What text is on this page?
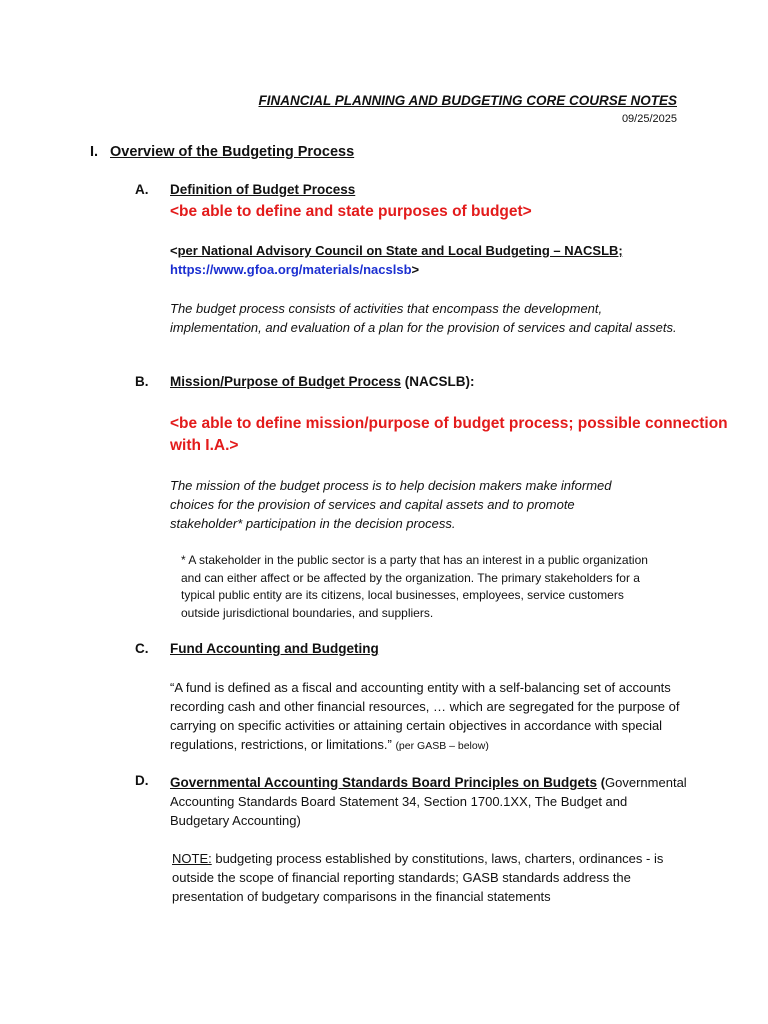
FINANCIAL PLANNING AND BUDGETING CORE COURSE NOTES
09/25/2025
I. Overview of the Budgeting Process
A. Definition of Budget Process
<be able to define and state purposes of budget>
<per National Advisory Council on State and Local Budgeting – NACSLB;
https://www.gfoa.org/materials/nacslsb>
The budget process consists of activities that encompass the development, implementation, and evaluation of a plan for the provision of services and capital assets.
B. Mission/Purpose of Budget Process (NACSLB):
<be able to define mission/purpose of budget process; possible connection
with I.A.>
The mission of the budget process is to help decision makers make informed choices for the provision of services and capital assets and to promote stakeholder* participation in the decision process.
* A stakeholder in the public sector is a party that has an interest in a public organization and can either affect or be affected by the organization. The primary stakeholders for a typical public entity are its citizens, local businesses, employees, service customers outside jurisdictional boundaries, and suppliers.
C. Fund Accounting and Budgeting
“A fund is defined as a fiscal and accounting entity with a self-balancing set of accounts recording cash and other financial resources, … which are segregated for the purpose of carrying on specific activities or attaining certain objectives in accordance with special regulations, restrictions, or limitations.” (per GASB – below)
D. Governmental Accounting Standards Board Principles on Budgets (Governmental Accounting Standards Board Statement 34, Section 1700.1XX, The Budget and Budgetary Accounting)
NOTE: budgeting process established by constitutions, laws, charters, ordinances - is outside the scope of financial reporting standards; GASB standards address the presentation of budgetary comparisons in the financial statements
